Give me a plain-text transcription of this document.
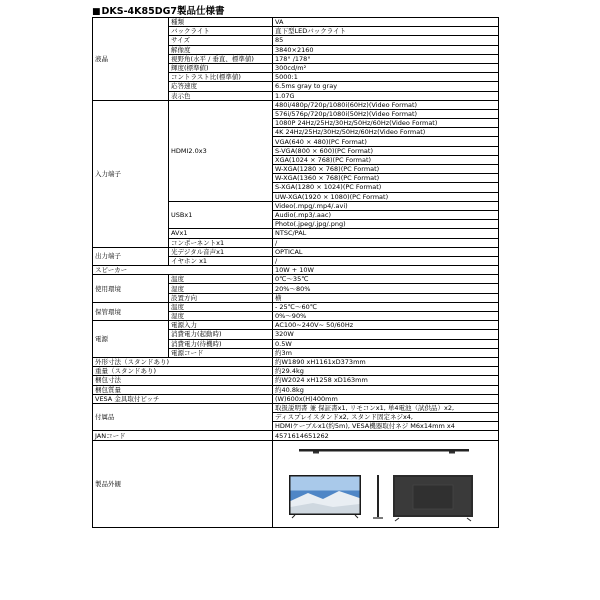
■DKS-4K85DG7製品仕様書
液晶	種類	VA
	バックライト	直下型LEDバックライト
	サイズ	85
	解像度	3840×2160
	視野角(水平 / 垂直、標準値)	178° /178°
	輝度(標準値)	300cd/m²
	コントラスト比(標準値)	5000:1
	応答速度	6.5ms gray to gray
	表示色	1.07G
入力端子	HDMI2.0x3	480i/480p/720p/1080i(60Hz)(Video Format)
		576i/576p/720p/1080i(50Hz)(Video Format)
		1080P 24Hz/25Hz/30Hz/50Hz/60Hz(Video Format)
		4K 24Hz/25Hz/30Hz/50Hz/60Hz(Video Format)
		VGA(640 × 480)(PC Format)
		S-VGA(800 × 600)(PC Format)
		XGA(1024 × 768)(PC Format)
		W-XGA(1280 × 768)(PC Format)
		W-XGA(1360 × 768)(PC Format)
		S-XGA(1280 × 1024)(PC Format)
		UW-XGA(1920 × 1080)(PC Format)
	USBx1	Video(.mpg/.mp4/.avi)
		Audio(.mp3/.aac)
		Photo(.jpeg/.jpg/.png)
	AVx1	NTSC/PAL
	コンポーネントx1	/
出力端子	光デジタル音声x1	OPTICAL
	イヤホン x1	/
スピーカー		10W + 10W
使用環境	温度	0℃〜35℃
	湿度	20%〜80%
	設置方向	横
保管環境	温度	- 25℃〜60℃
	湿度	0%〜90%
電源	電源入力	AC100~240V~ 50/60Hz
	消費電力(起動時)	320W
	消費電力(待機時)	0.5W
	電源コード	約3m
外形寸法（スタンドあり)		約W1890 xH1161xD373mm
重量（スタンドあり)		約29.4kg
梱包寸法		約W2024 xH1258 xD163mm
梱包質量		約40.8kg
VESA 金具取付ピッチ		(W)600x(H)400mm
付属品		取扱説明書 兼 保証書x1, リモコンx1, 単4電池（試供品）x2,
		ディスプレイスタンドx2, スタンド固定ネジx4,
		HDMIケーブルx1(約5m), VESA機器取付ネジ M6x14mm x4
JANコード		4571614651262
製品外観	
